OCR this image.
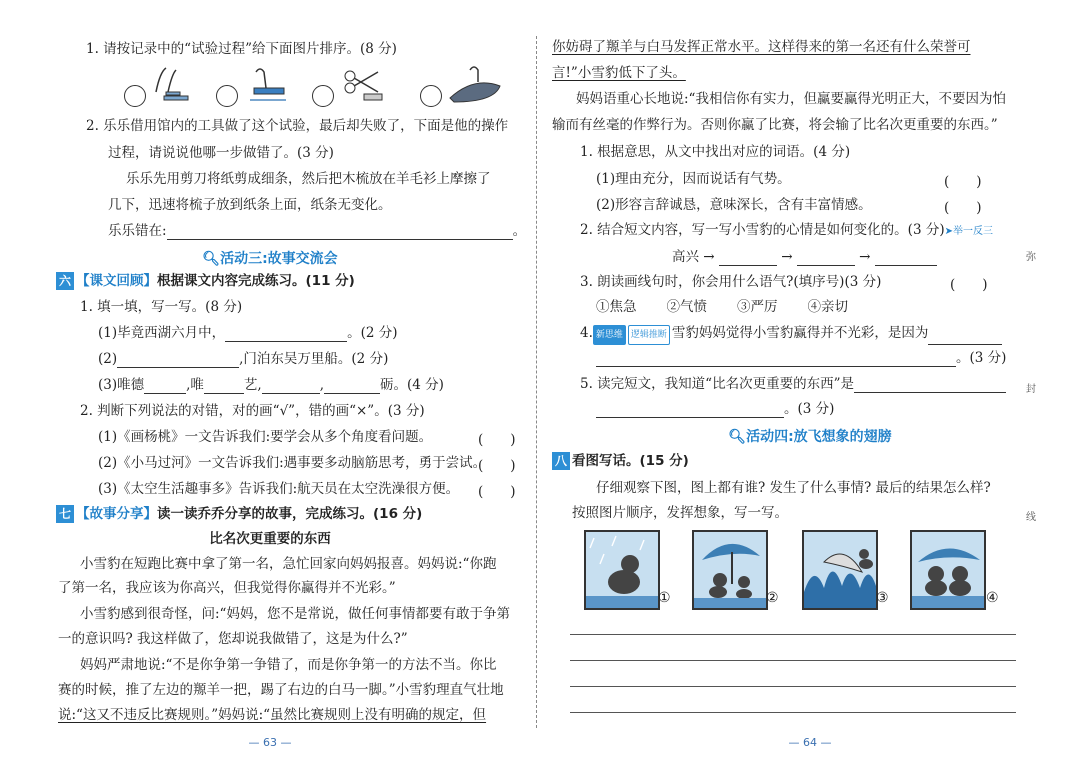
1. 请按记录中的“试验过程”给下面图片排序。(8 分)
2. 乐乐借用馆内的工具做了这个试验，最后却失败了，下面是他的操作
过程，请说说他哪一步做错了。(3 分)
乐乐先用剪刀将纸剪成细条，然后把木梳放在羊毛衫上摩擦了
几下，迅速将梳子放到纸条上面，纸条无变化。
乐乐错在:	。
🔍︎活动三:故事交流会
六 【课文回顾】根据课文内容完成练习。(11 分)
1. 填一填，写一写。(8 分)
(1)毕竟西湖六月中，	。(2 分)
(2)	,门泊东吴万里船。(2 分)
(3)唯德	,唯	艺,	,	砺。(4 分)
2. 判断下列说法的对错，对的画“√”，错的画“×”。(3 分)
(1)《画杨桃》一文告诉我们:要学会从多个角度看问题。	(　　)
(2)《小马过河》一文告诉我们:遇事要多动脑筋思考，勇于尝试。
(　　)
(3)《太空生活趣事多》告诉我们:航天员在太空洗澡很方便。 (　　)
七 【故事分享】读一读乔乔分享的故事，完成练习。(16 分)
比名次更重要的东西
小雪豹在短跑比赛中拿了第一名，急忙回家向妈妈报喜。妈妈说:“你跑
了第一名，我应该为你高兴，但我觉得你赢得并不光彩。”
小雪豹感到很奇怪，问:“妈妈，您不是常说，做任何事情都要有敢于争第
一的意识吗? 我这样做了，您却说我做错了，这是为什么?”
妈妈严肃地说:“不是你争第一争错了，而是你争第一的方法不当。你比
赛的时候，推了左边的羱羊一把，踢了右边的白马一脚。”小雪豹理直气壮地
说:“这又不违反比赛规则。”妈妈说:“虽然比赛规则上没有明确的规定，但
— 63 —
你妨碍了羱羊与白马发挥正常水平。这样得来的第一名还有什么荣誉可
言!”小雪豹低下了头。
妈妈语重心长地说:“我相信你有实力，但赢要赢得光明正大，不要因为怕
输而有丝毫的作弊行为。否则你赢了比赛，将会输了比名次更重要的东西。”
1. 根据意思，从文中找出对应的词语。(4 分)
(1)理由充分，因而说话有气势。	(　　)
(2)形容言辞诚恳，意味深长，含有丰富情感。	(　　)
2. 结合短文内容，写一写小雪豹的心情是如何变化的。(3 分)➤举一反三
高兴 →	→	→
3. 朗读画线句时，你会用什么语气?(填序号)(3 分)	(　　)
①焦急 ②气愤 ③严厉 ④亲切
4. 新思维 逻辑推断 雪豹妈妈觉得小雪豹赢得并不光彩，是因为
。(3 分)
5. 读完短文，我知道“比名次更重要的东西”是
。(3 分)
🔍︎活动四:放飞想象的翅膀
八 看图写话。(15 分)
仔细观察下图，图上都有谁? 发生了什么事情? 最后的结果怎么样?
按照图片顺序，发挥想象，写一写。
①	②	③	④
弥
封
线
— 64 —
